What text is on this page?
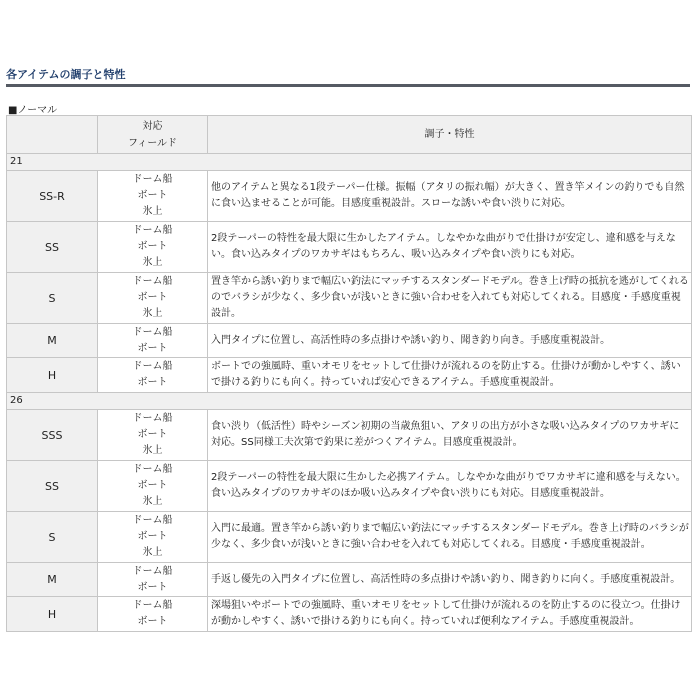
各アイテムの調子と特性
■ノーマル

	対応
フィールド	調子・特性
21		
SS-R	ドーム船
ボート
氷上	他のアイテムと異なる1段テーパー仕様。振幅（アタリの振れ幅）が大きく、置き竿メインの釣りでも自然に食い込ませることが可能。目感度重視設計。スローな誘いや食い渋りに対応。
SS	ドーム船
ボート
氷上	2段テーパーの特性を最大限に生かしたアイテム。しなやかな曲がりで仕掛けが安定し、違和感を与えない。食い込みタイプのワカサギはもちろん、吸い込みタイプや食い渋りにも対応。
S	ドーム船
ボート
氷上	置き竿から誘い釣りまで幅広い釣法にマッチするスタンダードモデル。巻き上げ時の抵抗を逃がしてくれるのでバラシが少なく、多少食いが浅いときに強い合わせを入れても対応してくれる。目感度・手感度重視設計。
M	ドーム船
ボート	入門タイプに位置し、高活性時の多点掛けや誘い釣り、聞き釣り向き。手感度重視設計。
H	ドーム船
ボート	ボートでの強風時、重いオモリをセットして仕掛けが流れるのを防止する。仕掛けが動かしやすく、誘いで掛ける釣りにも向く。持っていれば安心できるアイテム。手感度重視設計。
26		
SSS	ドーム船
ボート
氷上	食い渋り（低活性）時やシーズン初期の当歳魚狙い、アタリの出方が小さな吸い込みタイプのワカサギに対応。SS同様工夫次第で釣果に差がつくアイテム。目感度重視設計。
SS	ドーム船
ボート
氷上	2段テーパーの特性を最大限に生かした必携アイテム。しなやかな曲がりでワカサギに違和感を与えない。食い込みタイプのワカサギのほか吸い込みタイプや食い渋りにも対応。目感度重視設計。
S	ドーム船
ボート
氷上	入門に最適。置き竿から誘い釣りまで幅広い釣法にマッチするスタンダードモデル。巻き上げ時のバラシが少なく、多少食いが浅いときに強い合わせを入れても対応してくれる。目感度・手感度重視設計。
M	ドーム船
ボート	手返し優先の入門タイプに位置し、高活性時の多点掛けや誘い釣り、聞き釣りに向く。手感度重視設計。
H	ドーム船
ボート	深場狙いやボートでの強風時、重いオモリをセットして仕掛けが流れるのを防止するのに役立つ。仕掛けが動かしやすく、誘いで掛ける釣りにも向く。持っていれば便利なアイテム。手感度重視設計。
